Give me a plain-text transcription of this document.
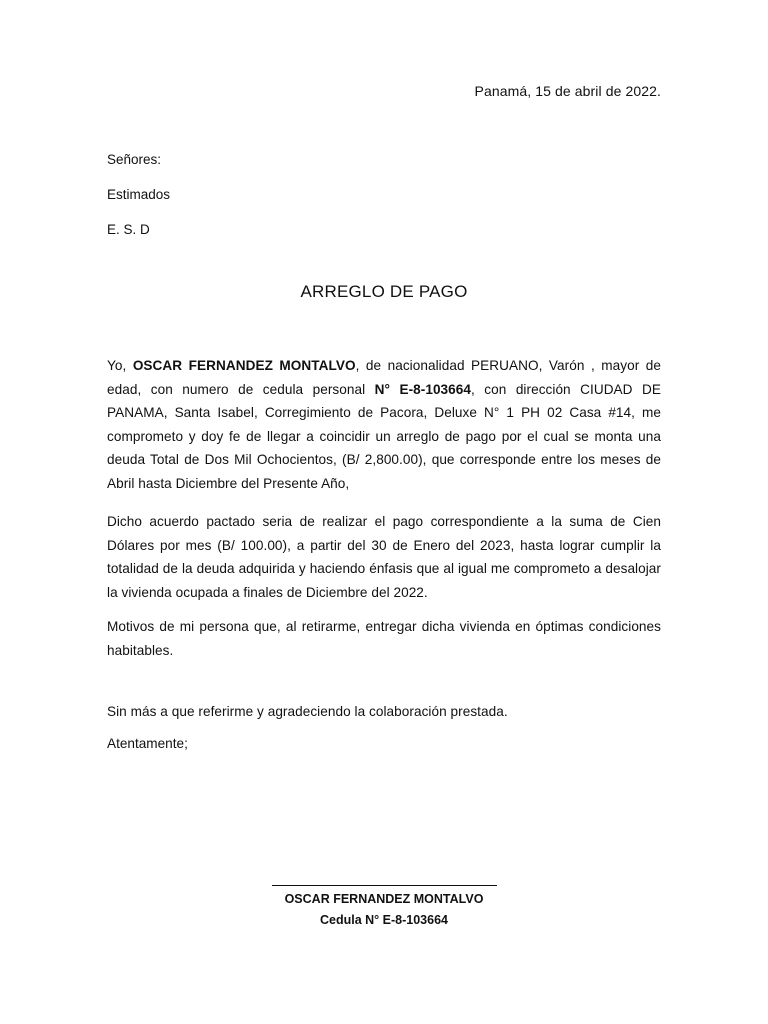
Panamá, 15 de abril de 2022.
Señores:
Estimados
E. S. D
ARREGLO DE PAGO
Yo, OSCAR FERNANDEZ MONTALVO, de nacionalidad PERUANO, Varón , mayor de edad, con numero de cedula personal N° E-8-103664, con dirección CIUDAD DE PANAMA, Santa Isabel, Corregimiento de Pacora, Deluxe N° 1 PH 02 Casa #14, me comprometo y doy fe de llegar a coincidir un arreglo de pago por el cual se monta una deuda Total de Dos Mil Ochocientos, (B/ 2,800.00), que corresponde entre los meses de Abril hasta Diciembre del Presente Año,
Dicho acuerdo pactado seria de realizar el pago correspondiente a la suma de Cien Dólares por mes (B/ 100.00), a partir del 30 de Enero del 2023, hasta lograr cumplir la totalidad de la deuda adquirida y haciendo énfasis que al igual me comprometo a desalojar la vivienda ocupada a finales de Diciembre del 2022.
Motivos de mi persona que, al retirarme, entregar dicha vivienda en óptimas condiciones habitables.
Sin más a que referirme y agradeciendo la colaboración prestada.
Atentamente;
OSCAR FERNANDEZ MONTALVO
Cedula N° E-8-103664
